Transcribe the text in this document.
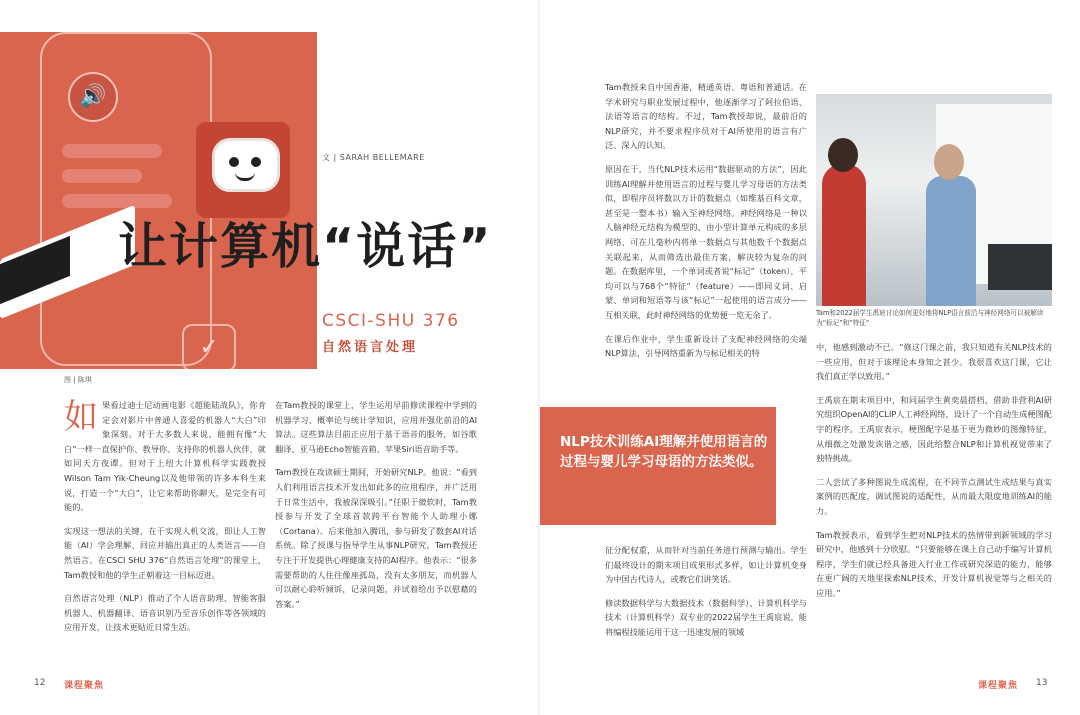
🔊
✓
让计算机“说话”
文 | SARAH BELLEMARE
CSCI-SHU 376
自然语言处理
图 | 陈琪

如果看过迪士尼动画电影《超能陆战队》，你肯定会对影片中普通人喜爱的机器人“大白”印象深刻。对于大多数人来说，能拥有像“大白”一样一直保护你、教导你、支持你的机器人伙伴，就如同天方夜谭。但对于上纽大计算机科学实践教授Wilson Tam Yik-Cheung以及他带领的许多本科生来说，打造一个“大白”，让它来帮助你聊天，是完全有可能的。

实现这一想法的关键，在于实现人机交流，即让人工智能（AI）学会理解、回应并输出真正的人类语言——自然语言。在CSCI SHU 376“自然语言处理”的课堂上，Tam教授和他的学生正朝着这一目标迈进。

自然语言处理（NLP）推动了个人语音助理、智能客服机器人、机器翻译、语音识别乃至音乐创作等各领域的应用开发，让技术更贴近日常生活。

在Tam教授的课堂上，学生运用早前修读课程中学到的机器学习、概率论与统计学知识，应用并强化前沿的AI算法。这些算法目前正应用于基于语音的服务，如谷歌翻译、亚马逊Echo智能音箱、苹果Siri语音助手等。

Tam教授在攻读硕士期间，开始研究NLP。他说：“看到人们利用语言技术开发出如此多的应用程序，并广泛用于日常生活中，我被深深吸引。”任职于微软时，Tam教授参与开发了全球首款跨平台智能个人助理小娜（Cortana）。后来他加入腾讯，参与研发了数套AI对话系统。除了授课与指导学生从事NLP研究，Tam教授还专注于开发提供心理健康支持的AI程序。他表示：“很多需要帮助的人往往像座孤岛，没有太多朋友，而机器人可以耐心聆听倾诉，记录问题，并试着给出予以慰藉的答案。”

12 课程聚焦

Tam教授来自中国香港，精通英语、粤语和普通话。在学术研究与职业发展过程中，他逐渐学习了阿拉伯语、法语等语言的结构。不过，Tam教授却说，最前沿的NLP研究，并不要求程序员对于AI所使用的语言有广泛、深入的认知。

原因在于，当代NLP技术运用“数据驱动的方法”，因此训练AI理解并使用语言的过程与婴儿学习母语的方法类似，即程序员将数以万计的数据点（如维基百科文章，甚至是一整本书）输入至神经网络。神经网络是一种以人脑神经元结构为模型的、由小型计算单元构成的多层网络，可在几毫秒内将单一数据点与其他数千个数据点关联起来，从而筛选出最佳方案，解决较为复杂的问题。在数据库里，一个单词或者说“标记”（token），平均可以与768个“特征”（feature）——即同义词、启蒙、单词和短语等与该“标记”一起使用的语言成分——互相关联，此时神经网络的优势便一览无余了。

在课后作业中，学生重新设计了支配神经网络的尖端NLP算法，引导网络重新为与标记相关的特

NLP技术训练AI理解并使用语言的过程与婴儿学习母语的方法类似。

征分配权重，从而针对当前任务进行预测与输出。学生们最终设计的期末项目成果形式多样，如让计算机变身为中国古代诗人，或教它们讲笑话。

修读数据科学与大数据技术（数据科学）、计算机科学与技术（计算机科学）双专业的2022届学生王禹宸说，能将编程技能运用于这一迅速发展的领域

Tam和2022届学生禹宸讨论如何更好地将NLP语言前沿与神经网络可以被解读为“标记”和“特征”

中，他感到激动不已。“修这门课之前，我只知道有关NLP技术的一些应用，但对于该理论本身知之甚少。我很喜欢这门课，它让我们真正学以致用。”

王禹宸在期末项目中，和同届学生黄奕晨搭档，借助非营利AI研究组织OpenAI的CLIP人工神经网络，设计了一个自动生成梗图配字的程序。王禹宸表示，梗图配字是基于更为微妙的图像特征，从细微之处激发诙谐之感，因此给整合NLP和计算机视觉带来了独特挑战。

二人尝试了多种图说生成流程，在不同节点测试生成结果与真实案例的匹配度，调试图说的适配性，从而最大限度地训练AI的能力。

Tam教授表示，看到学生把对NLP技术的热情带到新领域的学习研究中，他感到十分欣慰。“只要能够在课上自己动手编写计算机程序，学生们就已经具备进入行业工作或研究深造的能力，能够在更广阔的天地里探索NLP技术、开发计算机视觉等与之相关的应用。”

课程聚焦 13
